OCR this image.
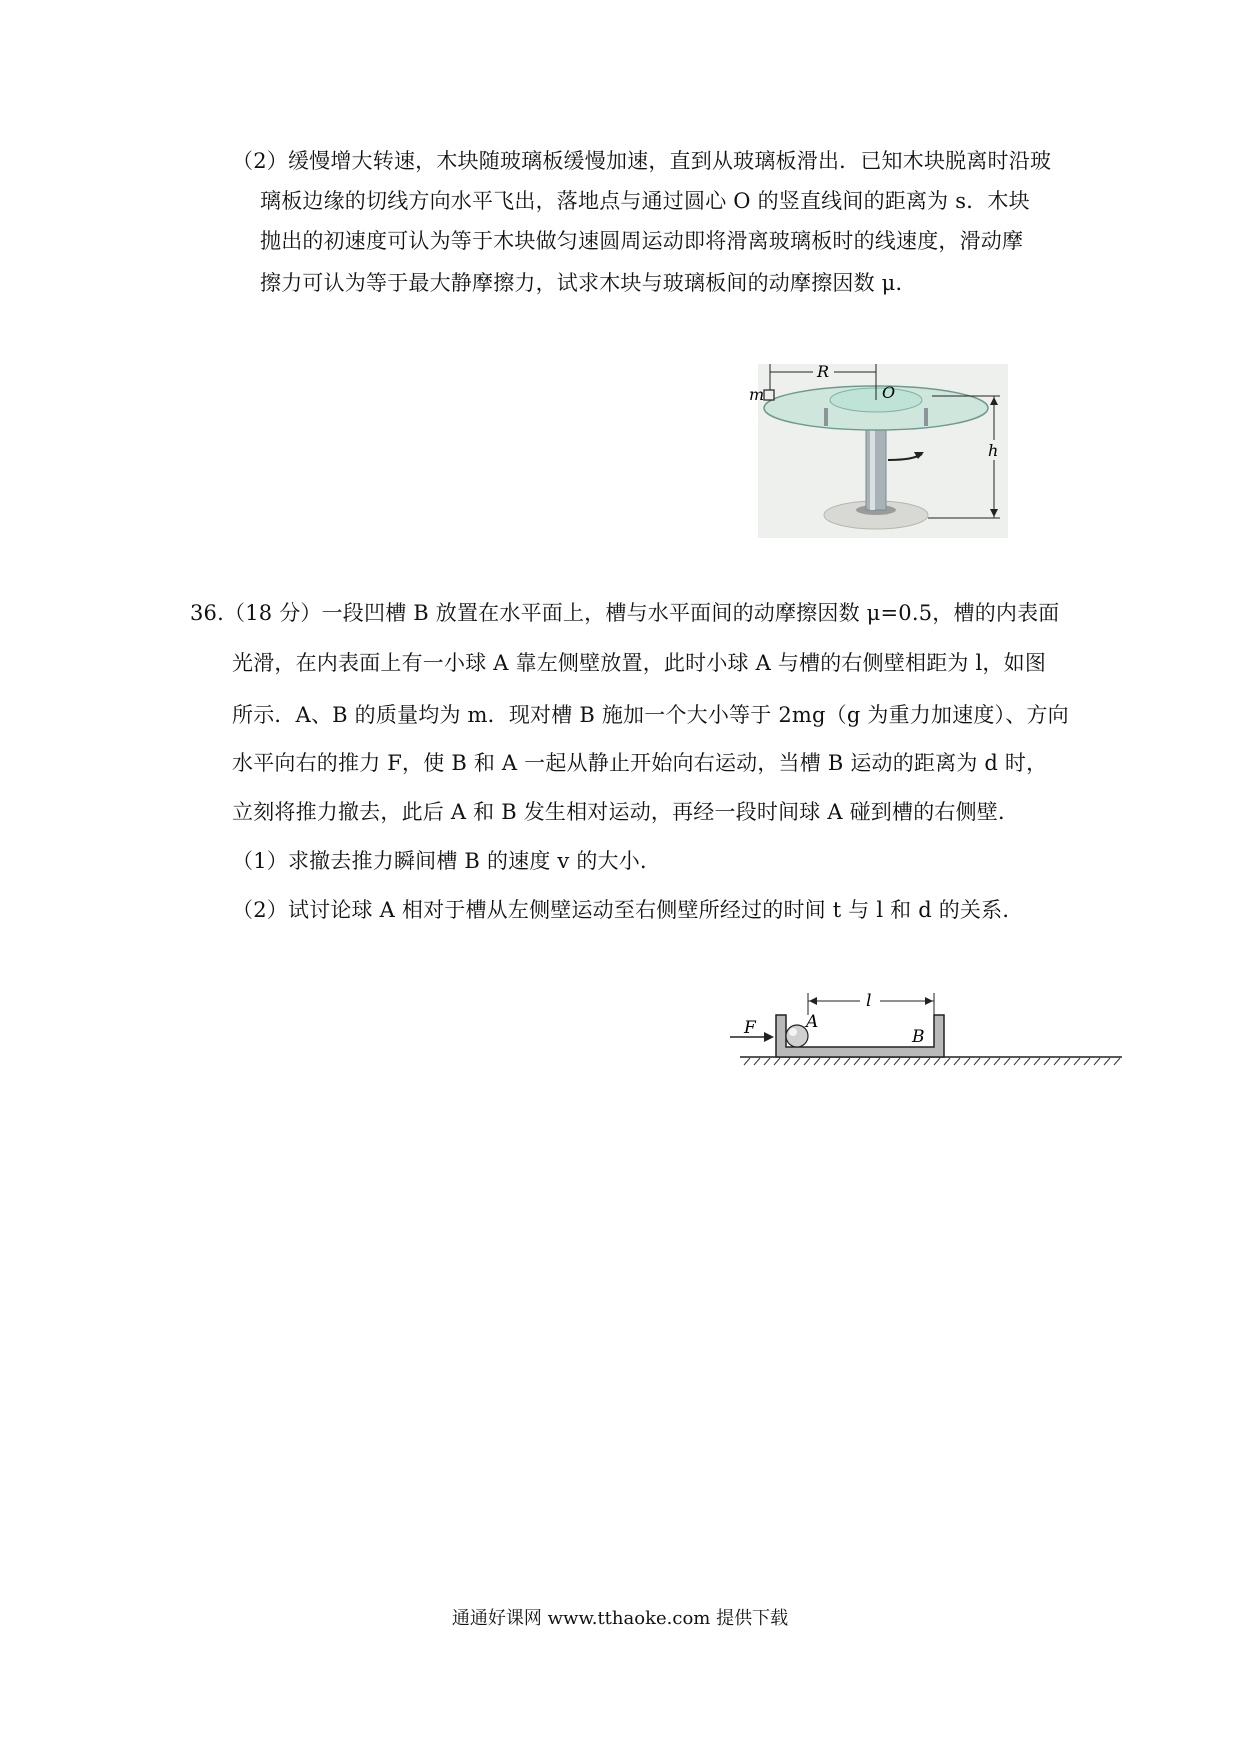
（2）缓慢增大转速，木块随玻璃板缓慢加速，直到从玻璃板滑出．已知木块脱离时沿玻
璃板边缘的切线方向水平飞出，落地点与通过圆心 O 的竖直线间的距离为 s．木块
抛出的初速度可认为等于木块做匀速圆周运动即将滑离玻璃板时的线速度，滑动摩
擦力可认为等于最大静摩擦力，试求木块与玻璃板间的动摩擦因数 μ．
m
R
O
h
36.（18 分）一段凹槽 B 放置在水平面上，槽与水平面间的动摩擦因数 μ=0.5，槽的内表面
光滑，在内表面上有一小球 A 靠左侧壁放置，此时小球 A 与槽的右侧壁相距为 l，如图
所示．A、B 的质量均为 m．现对槽 B 施加一个大小等于 2mg（g 为重力加速度）、方向
水平向右的推力 F，使 B 和 A 一起从静止开始向右运动，当槽 B 运动的距离为 d 时，
立刻将推力撤去，此后 A 和 B 发生相对运动，再经一段时间球 A 碰到槽的右侧壁．
（1）求撤去推力瞬间槽 B 的速度 v 的大小．
（2）试讨论球 A 相对于槽从左侧壁运动至右侧壁所经过的时间 t 与 l 和 d 的关系．
F	A
B
l
通通好课网 www.tthaoke.com 提供下载
